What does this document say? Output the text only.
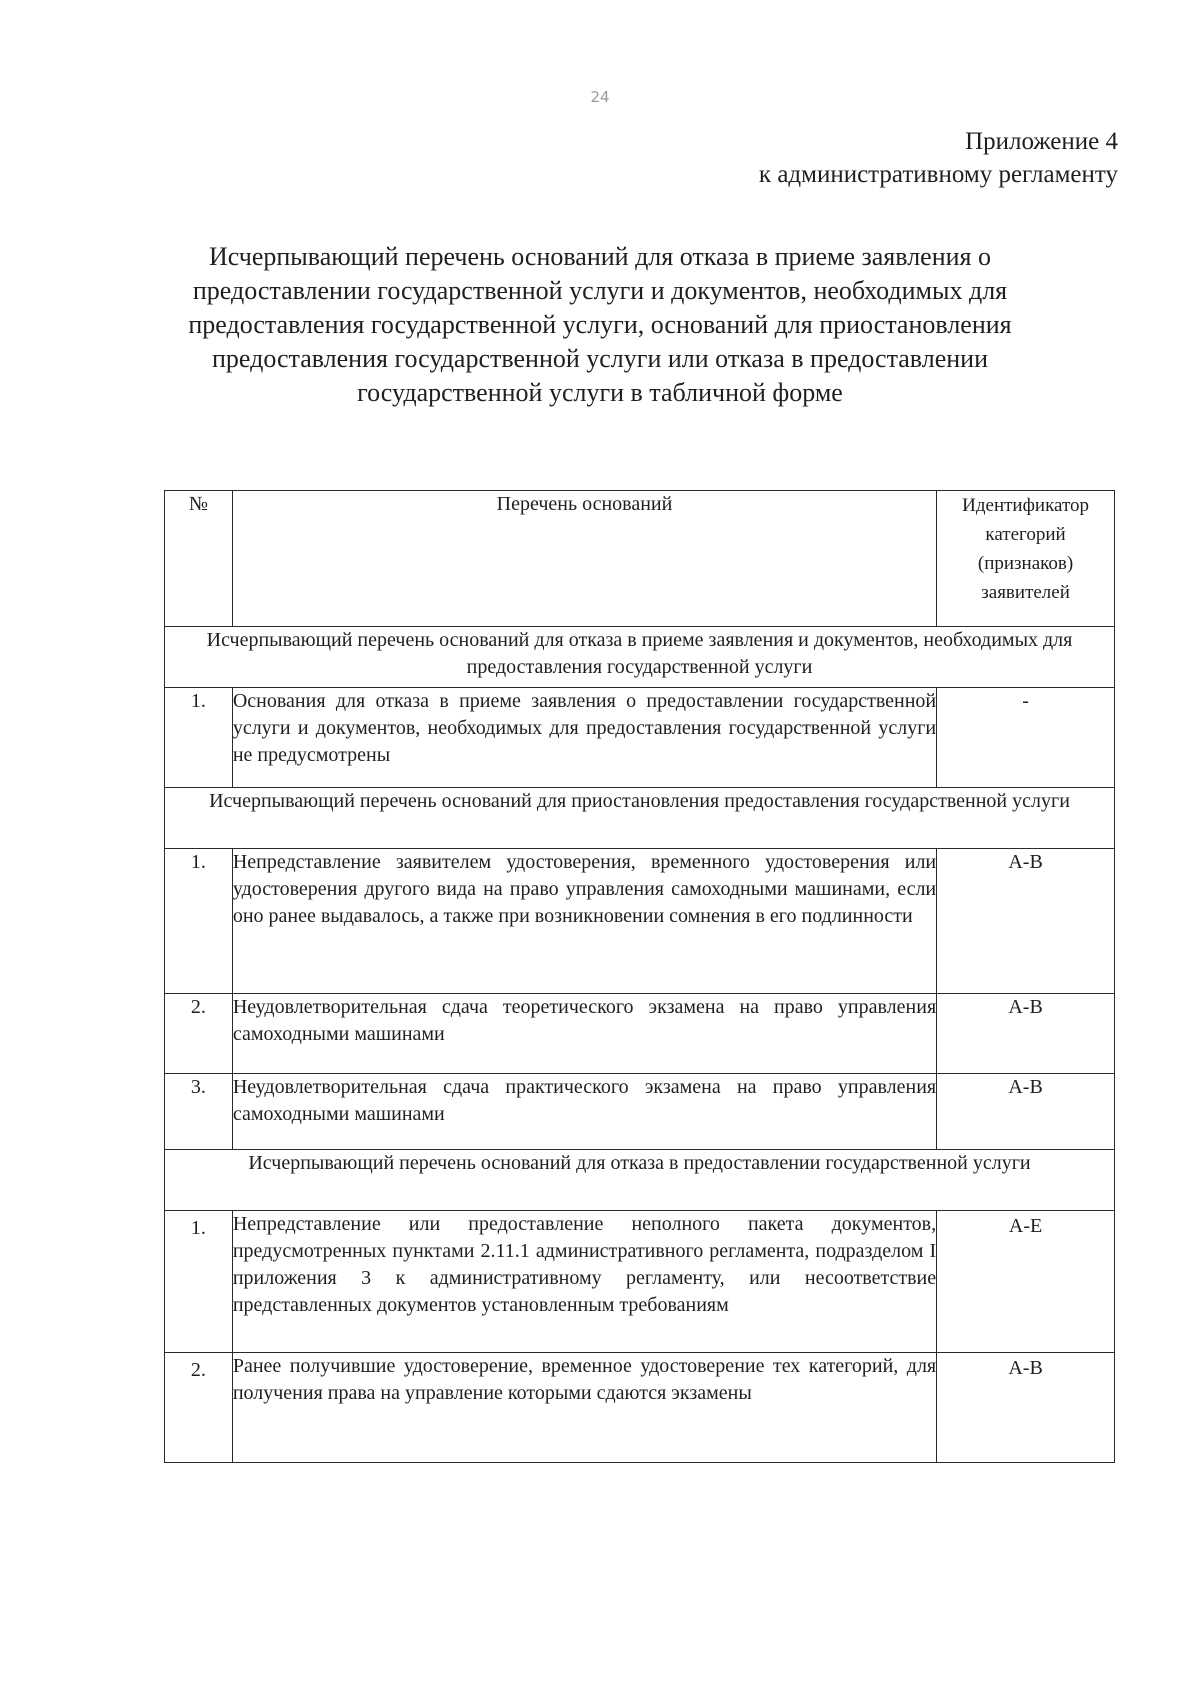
24
Приложение 4
к административному регламенту
Исчерпывающий перечень оснований для отказа в приеме заявления о предоставлении государственной услуги и документов, необходимых для предоставления государственной услуги, оснований для приостановления предоставления государственной услуги или отказа в предоставлении государственной услуги в табличной форме
№	Перечень оснований	Идентификатор категорий (признаков) заявителей
Исчерпывающий перечень оснований для отказа в приеме заявления и документов, необходимых для предоставления государственной услуги		
1.	Основания для отказа в приеме заявления о предоставлении государственной услуги и документов, необходимых для предоставления государственной услуги не предусмотрены	-
Исчерпывающий перечень оснований для приостановления предоставления государственной услуги		
1.	Непредставление заявителем удостоверения, временного удостоверения или удостоверения другого вида на право управления самоходными машинами, если оно ранее выдавалось, а также при возникновении сомнения в его подлинности	А-В
2.	Неудовлетворительная сдача теоретического экзамена на право управления самоходными машинами	А-В
3.	Неудовлетворительная сдача практического экзамена на право управления самоходными машинами	А-В
Исчерпывающий перечень оснований для отказа в предоставлении государственной услуги		
1.	Непредставление или предоставление неполного пакета документов, предусмотренных пунктами 2.11.1 административного регламента, подразделом I приложения 3 к административному регламенту, или несоответствие представленных документов установленным требованиям	А-Е
2.	Ранее получившие удостоверение, временное удостоверение тех категорий, для получения права на управление которыми сдаются экзамены	А-В
